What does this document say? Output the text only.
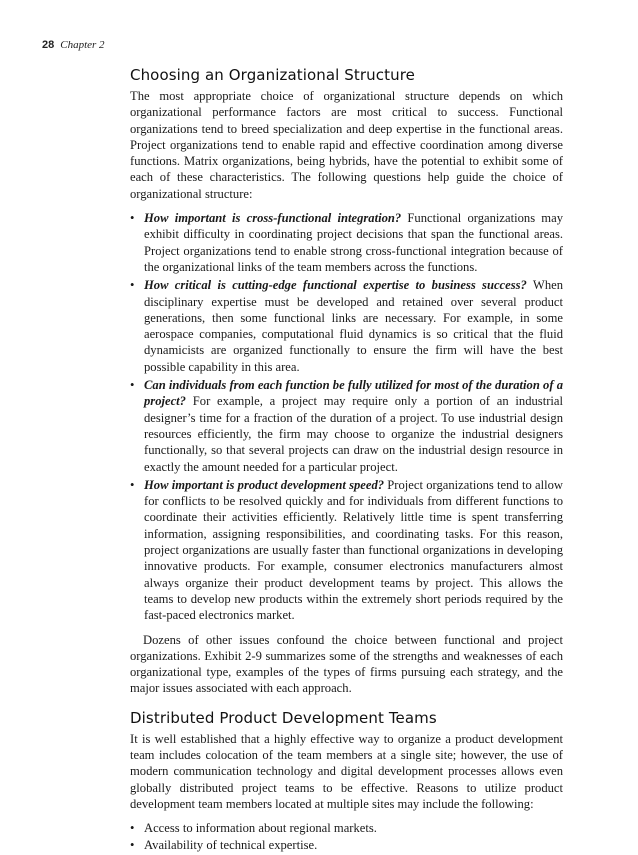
28 Chapter 2
Choosing an Organizational Structure

The most appropriate choice of organizational structure depends on which organizational performance factors are most critical to success. Functional organizations tend to breed specialization and deep expertise in the functional areas. Project organizations tend to enable rapid and effective coordination among diverse functions. Matrix organizations, being hybrids, have the potential to exhibit some of each of these characteristics. The following questions help guide the choice of organizational structure:

• How important is cross-functional integration? Functional organizations may exhibit difficulty in coordinating project decisions that span the functional areas. Project organizations tend to enable strong cross-functional integration because of the organizational links of the team members across the functions.
• How critical is cutting-edge functional expertise to business success? When disciplinary expertise must be developed and retained over several product generations, then some functional links are necessary. For example, in some aerospace companies, computational fluid dynamics is so critical that the fluid dynamicists are organized functionally to ensure the firm will have the best possible capability in this area.
• Can individuals from each function be fully utilized for most of the duration of a project? For example, a project may require only a portion of an industrial designer’s time for a fraction of the duration of a project. To use industrial design resources efficiently, the firm may choose to organize the industrial designers functionally, so that several projects can draw on the industrial design resource in exactly the amount needed for a particular project.
• How important is product development speed? Project organizations tend to allow for conflicts to be resolved quickly and for individuals from different functions to coordinate their activities efficiently. Relatively little time is spent transferring information, assigning responsibilities, and coordinating tasks. For this reason, project organizations are usually faster than functional organizations in developing innovative products. For example, consumer electronics manufacturers almost always organize their product development teams by project. This allows the teams to develop new products within the extremely short periods required by the fast-paced electronics market.

Dozens of other issues confound the choice between functional and project organizations. Exhibit 2-9 summarizes some of the strengths and weaknesses of each organizational type, examples of the types of firms pursuing each strategy, and the major issues associated with each approach.

Distributed Product Development Teams

It is well established that a highly effective way to organize a product development team includes colocation of the team members at a single site; however, the use of modern communication technology and digital development processes allows even globally distributed project teams to be effective. Reasons to utilize product development team members located at multiple sites may include the following:

• Access to information about regional markets.
• Availability of technical expertise.
